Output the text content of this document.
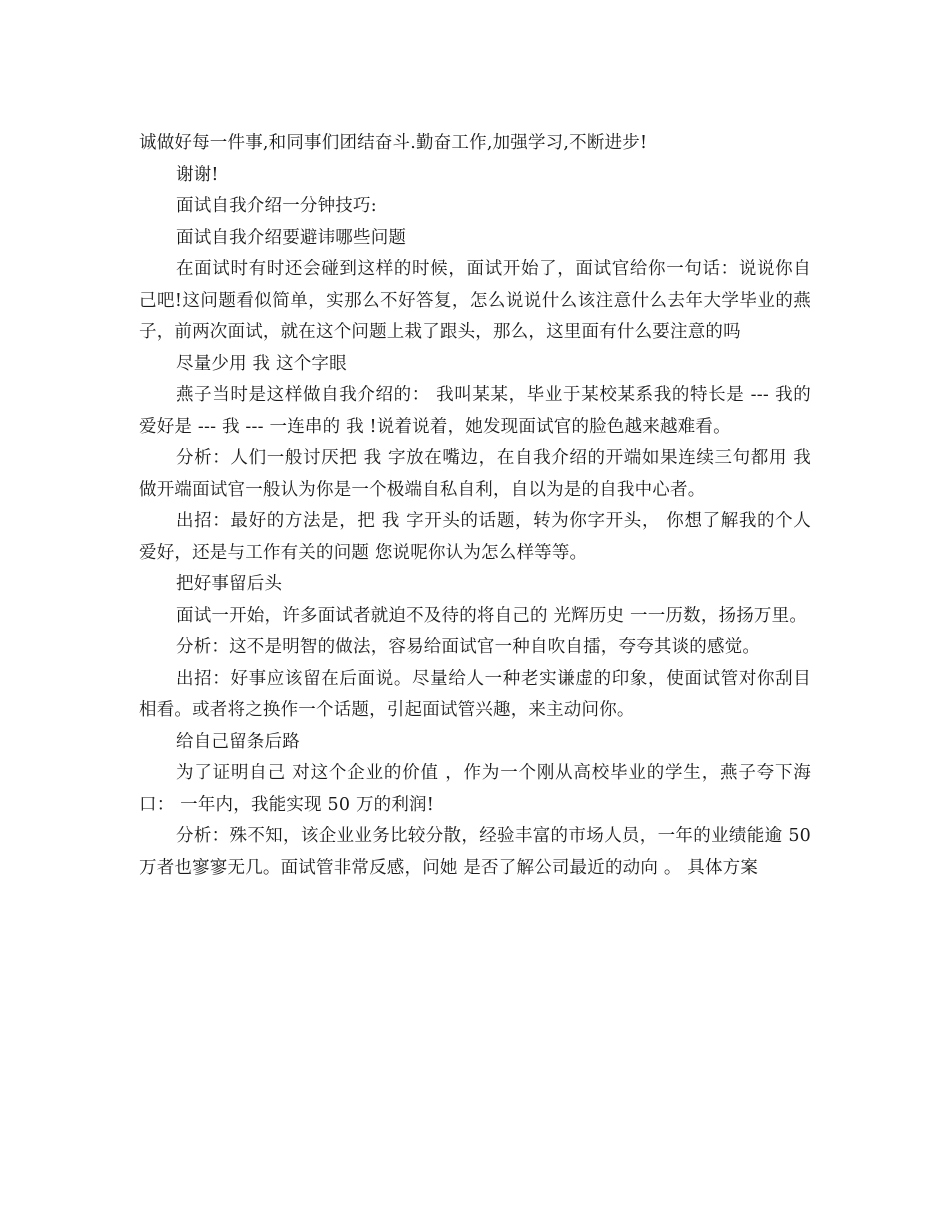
诚做好每一件事,和同事们团结奋斗.勤奋工作,加强学习,不断进步!

谢谢!

面试自我介绍一分钟技巧:

面试自我介绍要避讳哪些问题

在面试时有时还会碰到这样的时候，面试开始了，面试官给你一句话：说说你自己吧!这问题看似简单，实那么不好答复，怎么说说什么该注意什么去年大学毕业的燕子，前两次面试，就在这个问题上栽了跟头，那么，这里面有什么要注意的吗

尽量少用 我 这个字眼

燕子当时是这样做自我介绍的： 我叫某某，毕业于某校某系我的特长是 --- 我的爱好是 --- 我 --- 一连串的 我 !说着说着，她发现面试官的脸色越来越难看。

分析：人们一般讨厌把 我 字放在嘴边，在自我介绍的开端如果连续三句都用 我 做开端面试官一般认为你是一个极端自私自利，自以为是的自我中心者。

出招：最好的方法是，把 我 字开头的话题，转为你字开头， 你想了解我的个人爱好，还是与工作有关的问题 您说呢你认为怎么样等等。

把好事留后头

面试一开始，许多面试者就迫不及待的将自己的 光辉历史 一一历数，扬扬万里。

分析：这不是明智的做法，容易给面试官一种自吹自擂，夸夸其谈的感觉。

出招：好事应该留在后面说。尽量给人一种老实谦虚的印象，使面试管对你刮目相看。或者将之换作一个话题，引起面试管兴趣，来主动问你。

给自己留条后路

为了证明自己 对这个企业的价值 ，作为一个刚从高校毕业的学生，燕子夸下海口： 一年内，我能实现 50 万的利润!

分析：殊不知，该企业业务比较分散，经验丰富的市场人员，一年的业绩能逾 50 万者也寥寥无几。面试管非常反感，问她 是否了解公司最近的动向 。 具体方案
